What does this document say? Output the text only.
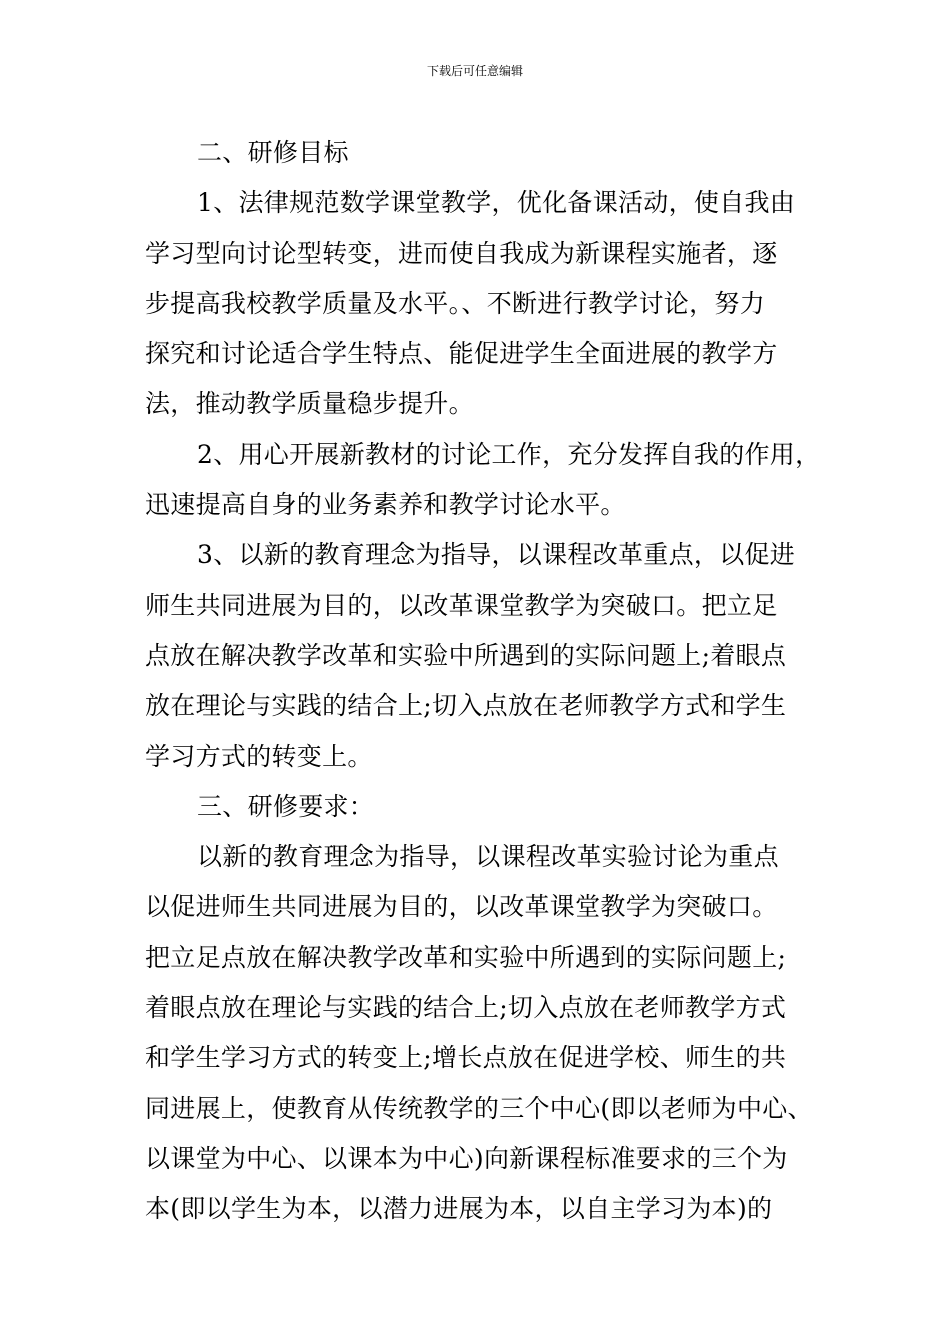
下载后可任意编辑
二、研修目标
1、法律规范数学课堂教学，优化备课活动，使自我由
学习型向讨论型转变，进而使自我成为新课程实施者，逐
步提高我校教学质量及水平。、不断进行教学讨论，努力
探究和讨论适合学生特点、能促进学生全面进展的教学方
法，推动教学质量稳步提升。
2、用心开展新教材的讨论工作，充分发挥自我的作用，
迅速提高自身的业务素养和教学讨论水平。
3、以新的教育理念为指导，以课程改革重点，以促进
师生共同进展为目的，以改革课堂教学为突破口。把立足
点放在解决教学改革和实验中所遇到的实际问题上;着眼点
放在理论与实践的结合上;切入点放在老师教学方式和学生
学习方式的转变上。
三、研修要求：
以新的教育理念为指导，以课程改革实验讨论为重点
以促进师生共同进展为目的，以改革课堂教学为突破口。
把立足点放在解决教学改革和实验中所遇到的实际问题上;
着眼点放在理论与实践的结合上;切入点放在老师教学方式
和学生学习方式的转变上;增长点放在促进学校、师生的共
同进展上，使教育从传统教学的三个中心(即以老师为中心、
以课堂为中心、以课本为中心)向新课程标准要求的三个为
本(即以学生为本，以潜力进展为本，以自主学习为本)的
